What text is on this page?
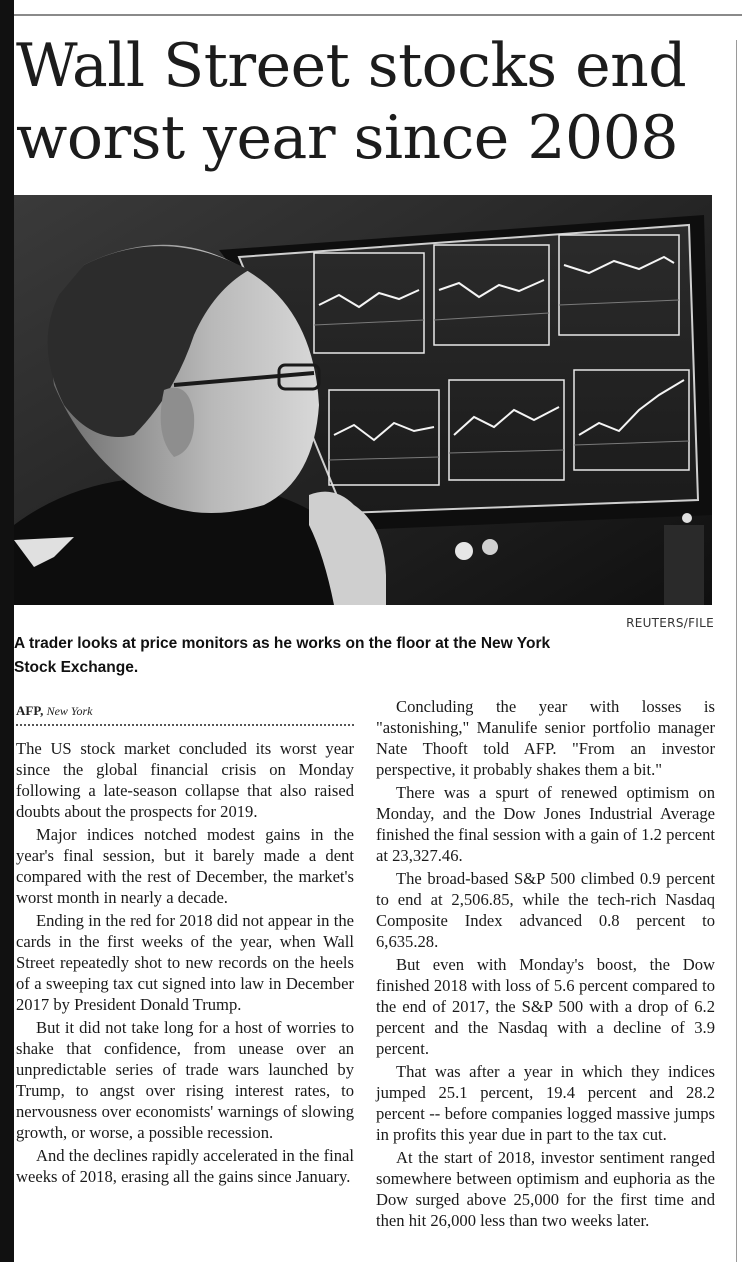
Wall Street stocks end worst year since 2008
REUTERS/FILE

A trader looks at price monitors as he works on the floor at the New York Stock Exchange.

AFP, New York

The US stock market concluded its worst year since the global financial crisis on Monday following a late-season collapse that also raised doubts about the prospects for 2019.

Major indices notched modest gains in the year's final session, but it barely made a dent compared with the rest of December, the market's worst month in nearly a decade.

Ending in the red for 2018 did not appear in the cards in the first weeks of the year, when Wall Street repeatedly shot to new records on the heels of a sweeping tax cut signed into law in December 2017 by President Donald Trump.

But it did not take long for a host of worries to shake that confidence, from unease over an unpredictable series of trade wars launched by Trump, to angst over rising interest rates, to nervousness over economists' warnings of slowing growth, or worse, a possible recession.

And the declines rapidly accelerated in the final weeks of 2018, erasing all the gains since January.

Concluding the year with losses is "astonishing," Manulife senior portfolio manager Nate Thooft told AFP. "From an investor perspective, it probably shakes them a bit."

There was a spurt of renewed optimism on Monday, and the Dow Jones Industrial Average finished the final session with a gain of 1.2 percent at 23,327.46.

The broad-based S&P 500 climbed 0.9 percent to end at 2,506.85, while the tech-rich Nasdaq Composite Index advanced 0.8 percent to 6,635.28.

But even with Monday's boost, the Dow finished 2018 with loss of 5.6 percent compared to the end of 2017, the S&P 500 with a drop of 6.2 percent and the Nasdaq with a decline of 3.9 percent.

That was after a year in which they indices jumped 25.1 percent, 19.4 percent and 28.2 percent -- before companies logged massive jumps in profits this year due in part to the tax cut.

At the start of 2018, investor sentiment ranged somewhere between optimism and euphoria as the Dow surged above 25,000 for the first time and then hit 26,000 less than two weeks later.
